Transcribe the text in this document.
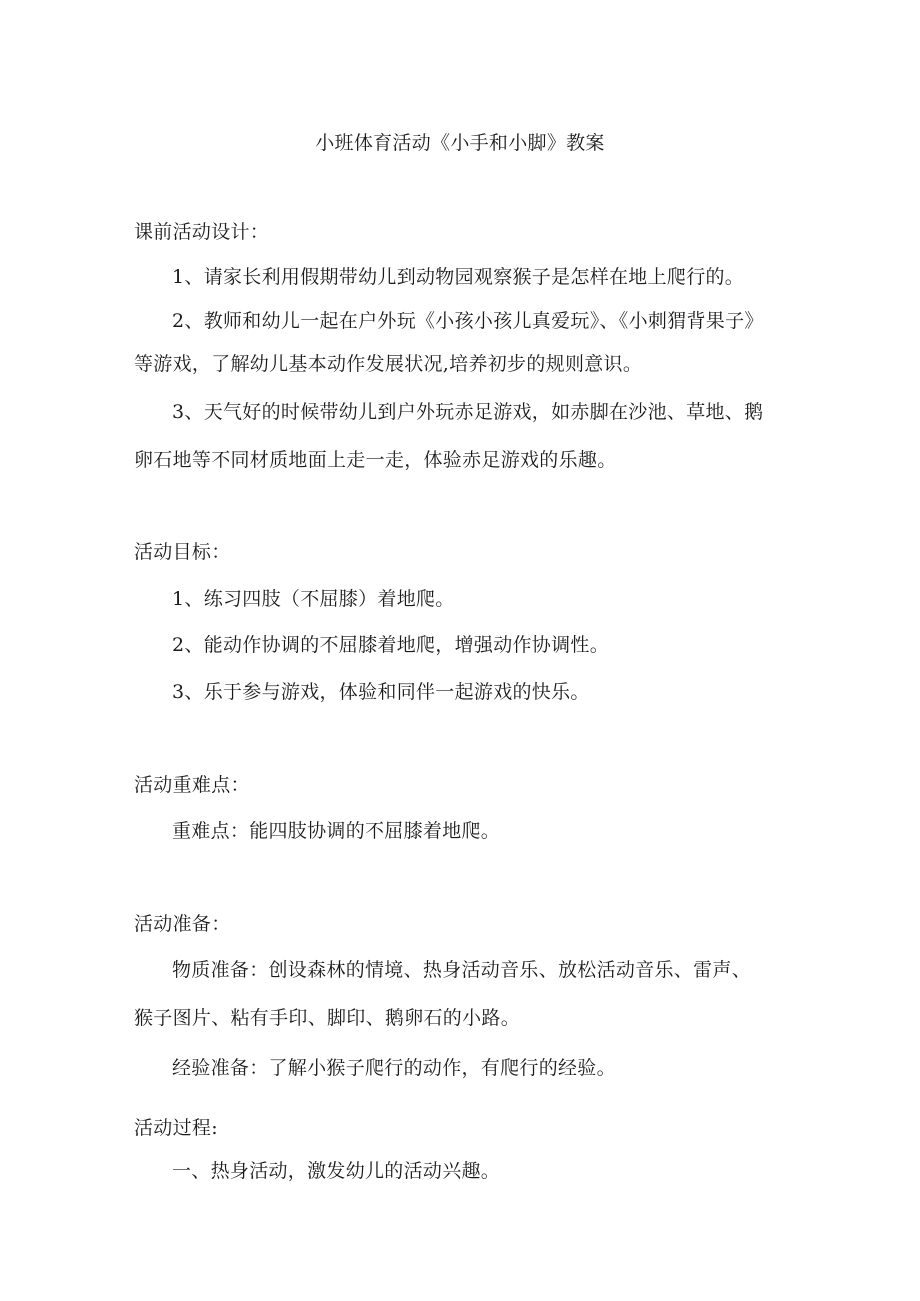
小班体育活动《小手和小脚》教案
课前活动设计：
1、请家长利用假期带幼儿到动物园观察猴子是怎样在地上爬行的。
2、教师和幼儿一起在户外玩《小孩小孩儿真爱玩》、《小刺猬背果子》
等游戏，了解幼儿基本动作发展状况,培养初步的规则意识。
3、天气好的时候带幼儿到户外玩赤足游戏，如赤脚在沙池、草地、鹅
卵石地等不同材质地面上走一走，体验赤足游戏的乐趣。
活动目标：
1、练习四肢（不屈膝）着地爬。
2、能动作协调的不屈膝着地爬，增强动作协调性。
3、乐于参与游戏，体验和同伴一起游戏的快乐。
活动重难点：
重难点：能四肢协调的不屈膝着地爬。
活动准备：
物质准备：创设森林的情境、热身活动音乐、放松活动音乐、雷声、
猴子图片、粘有手印、脚印、鹅卵石的小路。
经验准备：了解小猴子爬行的动作，有爬行的经验。
活动过程:
一、热身活动，激发幼儿的活动兴趣。
